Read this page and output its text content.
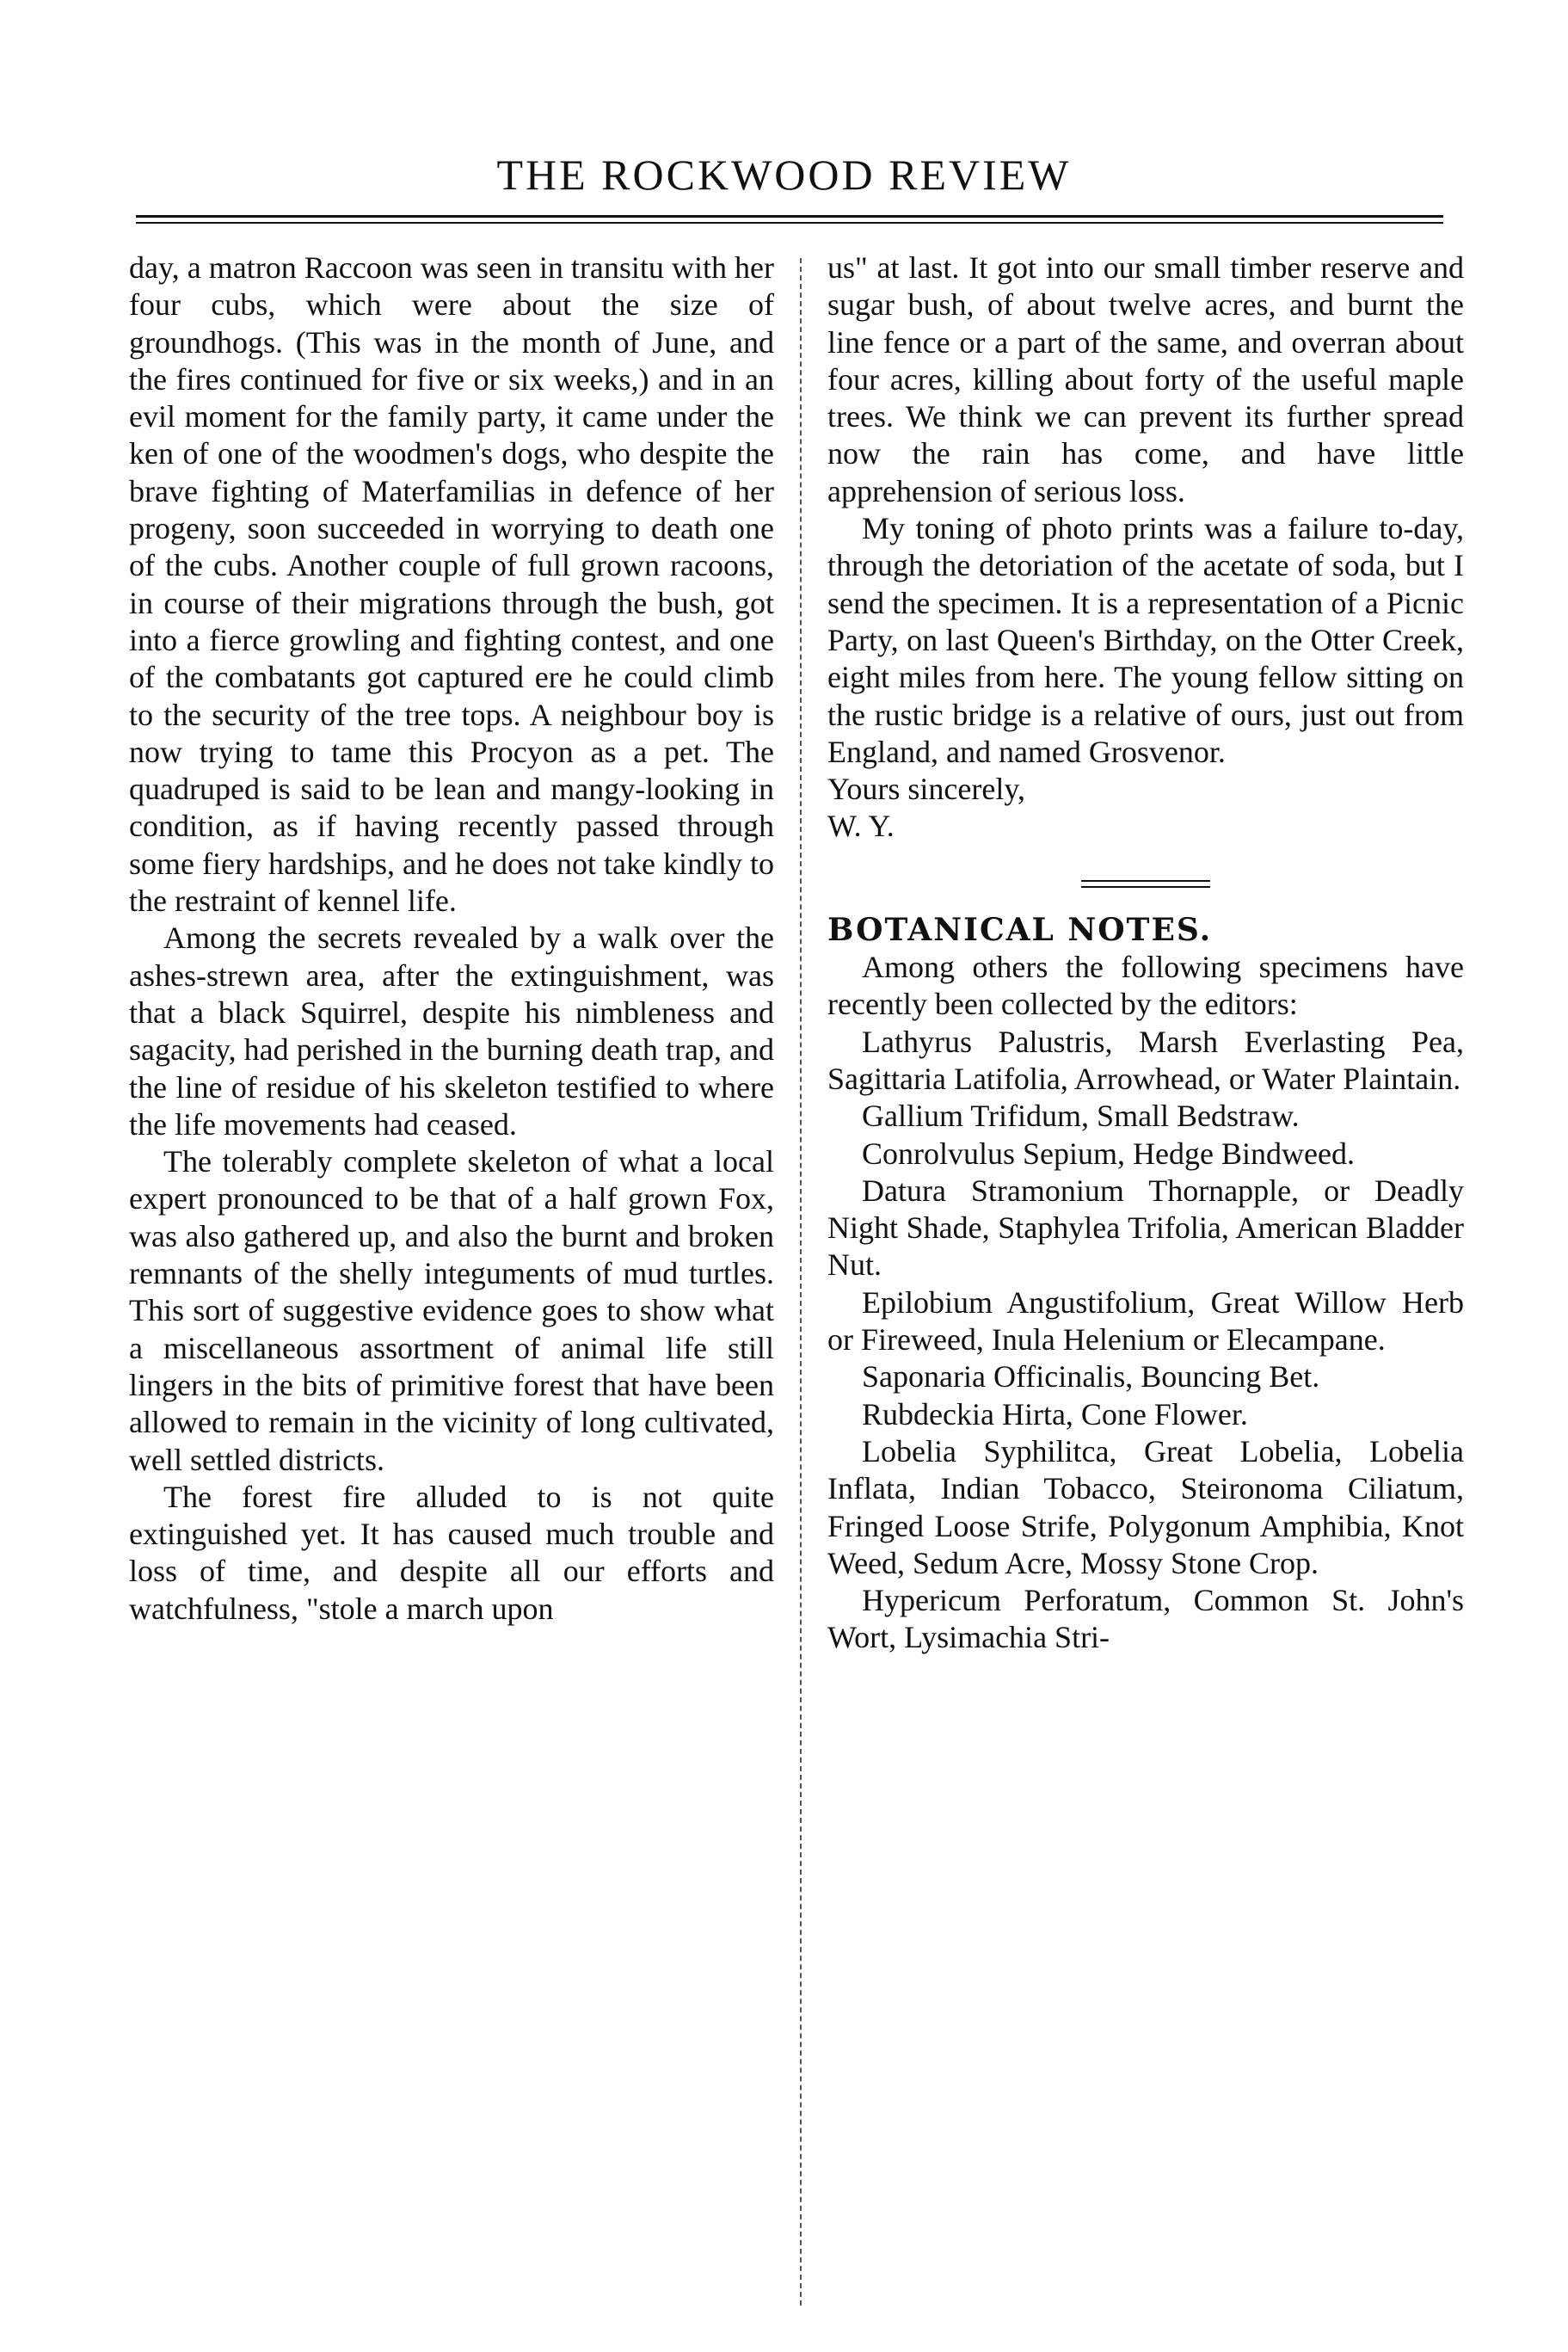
THE ROCKWOOD REVIEW

day, a matron Raccoon was seen in transitu with her four cubs, which were about the size of groundhogs. (This was in the month of June, and the fires continued for five or six weeks,) and in an evil moment for the family party, it came under the ken of one of the woodmen's dogs, who despite the brave fighting of Materfamilias in defence of her progeny, soon succeeded in worrying to death one of the cubs. Another couple of full grown racoons, in course of their migrations through the bush, got into a fierce growling and fighting contest, and one of the combatants got captured ere he could climb to the security of the tree tops. A neighbour boy is now trying to tame this Procyon as a pet. The quadruped is said to be lean and mangy-looking in condition, as if having recently passed through some fiery hardships, and he does not take kindly to the restraint of kennel life.

Among the secrets revealed by a walk over the ashes-strewn area, after the extinguishment, was that a black Squirrel, despite his nimbleness and sagacity, had perished in the burning death trap, and the line of residue of his skeleton testified to where the life movements had ceased.

The tolerably complete skeleton of what a local expert pronounced to be that of a half grown Fox, was also gathered up, and also the burnt and broken remnants of the shelly integuments of mud turtles. This sort of suggestive evidence goes to show what a miscellaneous assortment of animal life still lingers in the bits of primitive forest that have been allowed to remain in the vicinity of long cultivated, well settled districts.

The forest fire alluded to is not quite extinguished yet. It has caused much trouble and loss of time, and despite all our efforts and watchfulness, "stole a march upon

us" at last. It got into our small timber reserve and sugar bush, of about twelve acres, and burnt the line fence or a part of the same, and overran about four acres, killing about forty of the useful maple trees. We think we can prevent its further spread now the rain has come, and have little apprehension of serious loss.

My toning of photo prints was a failure to-day, through the detoriation of the acetate of soda, but I send the specimen. It is a representation of a Picnic Party, on last Queen's Birthday, on the Otter Creek, eight miles from here. The young fellow sitting on the rustic bridge is a relative of ours, just out from England, and named Grosvenor.

Yours sincerely,

W. Y.

BOTANICAL NOTES.

Among others the following specimens have recently been collected by the editors:

Lathyrus Palustris, Marsh Everlasting Pea, Sagittaria Latifolia, Arrowhead, or Water Plaintain.

Gallium Trifidum, Small Bedstraw.

Conrolvulus Sepium, Hedge Bindweed.

Datura Stramonium Thornapple, or Deadly Night Shade, Staphylea Trifolia, American Bladder Nut.

Epilobium Angustifolium, Great Willow Herb or Fireweed, Inula Helenium or Elecampane.

Saponaria Officinalis, Bouncing Bet.

Rubdeckia Hirta, Cone Flower.

Lobelia Syphilitca, Great Lobelia, Lobelia Inflata, Indian Tobacco, Steironoma Ciliatum, Fringed Loose Strife, Polygonum Amphibia, Knot Weed, Sedum Acre, Mossy Stone Crop.

Hypericum Perforatum, Common St. John's Wort, Lysimachia Stri-
